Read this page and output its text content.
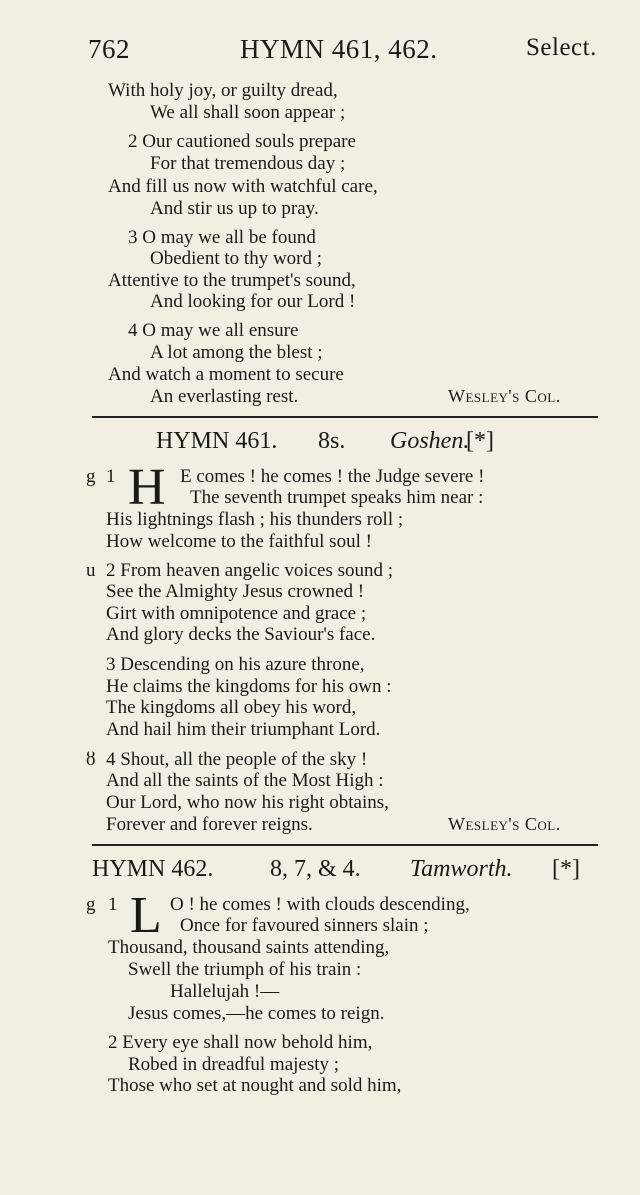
762	HYMN 461, 462.	Select.
With holy joy, or guilty dread,
We all shall soon appear ;
2 Our cautioned souls prepare
For that tremendous day ;
And fill us now with watchful care,
And stir us up to pray.
3 O may we all be found
Obedient to thy word ;
Attentive to the trumpet's sound,
And looking for our Lord !
4 O may we all ensure
A lot among the blest ;
And watch a moment to secure
An everlasting rest.	Wesley's Col.
HYMN 461. 8s. Goshen.
[*]
g 1 H E comes ! he comes ! the Judge severe !
The seventh trumpet speaks him near :
His lightnings flash ; his thunders roll ;
How welcome to the faithful soul !
u 2 From heaven angelic voices sound ;
See the Almighty Jesus crowned !
Girt with omnipotence and grace ;
And glory decks the Saviour's face.
3 Descending on his azure throne,
He claims the kingdoms for his own :
The kingdoms all obey his word,
And hail him their triumphant Lord.
ȣ 4 Shout, all the people of the sky !
And all the saints of the Most High :
Our Lord, who now his right obtains,
Forever and forever reigns.	Wesley's Col.
HYMN 462. 8, 7, & 4. Tamworth. [*]
g 1 L O ! he comes ! with clouds descending,
Once for favoured sinners slain ;
Thousand, thousand saints attending,
Swell the triumph of his train :
Hallelujah !—
Jesus comes,—he comes to reign.
2 Every eye shall now behold him,
Robed in dreadful majesty ;
Those who set at nought and sold him,
